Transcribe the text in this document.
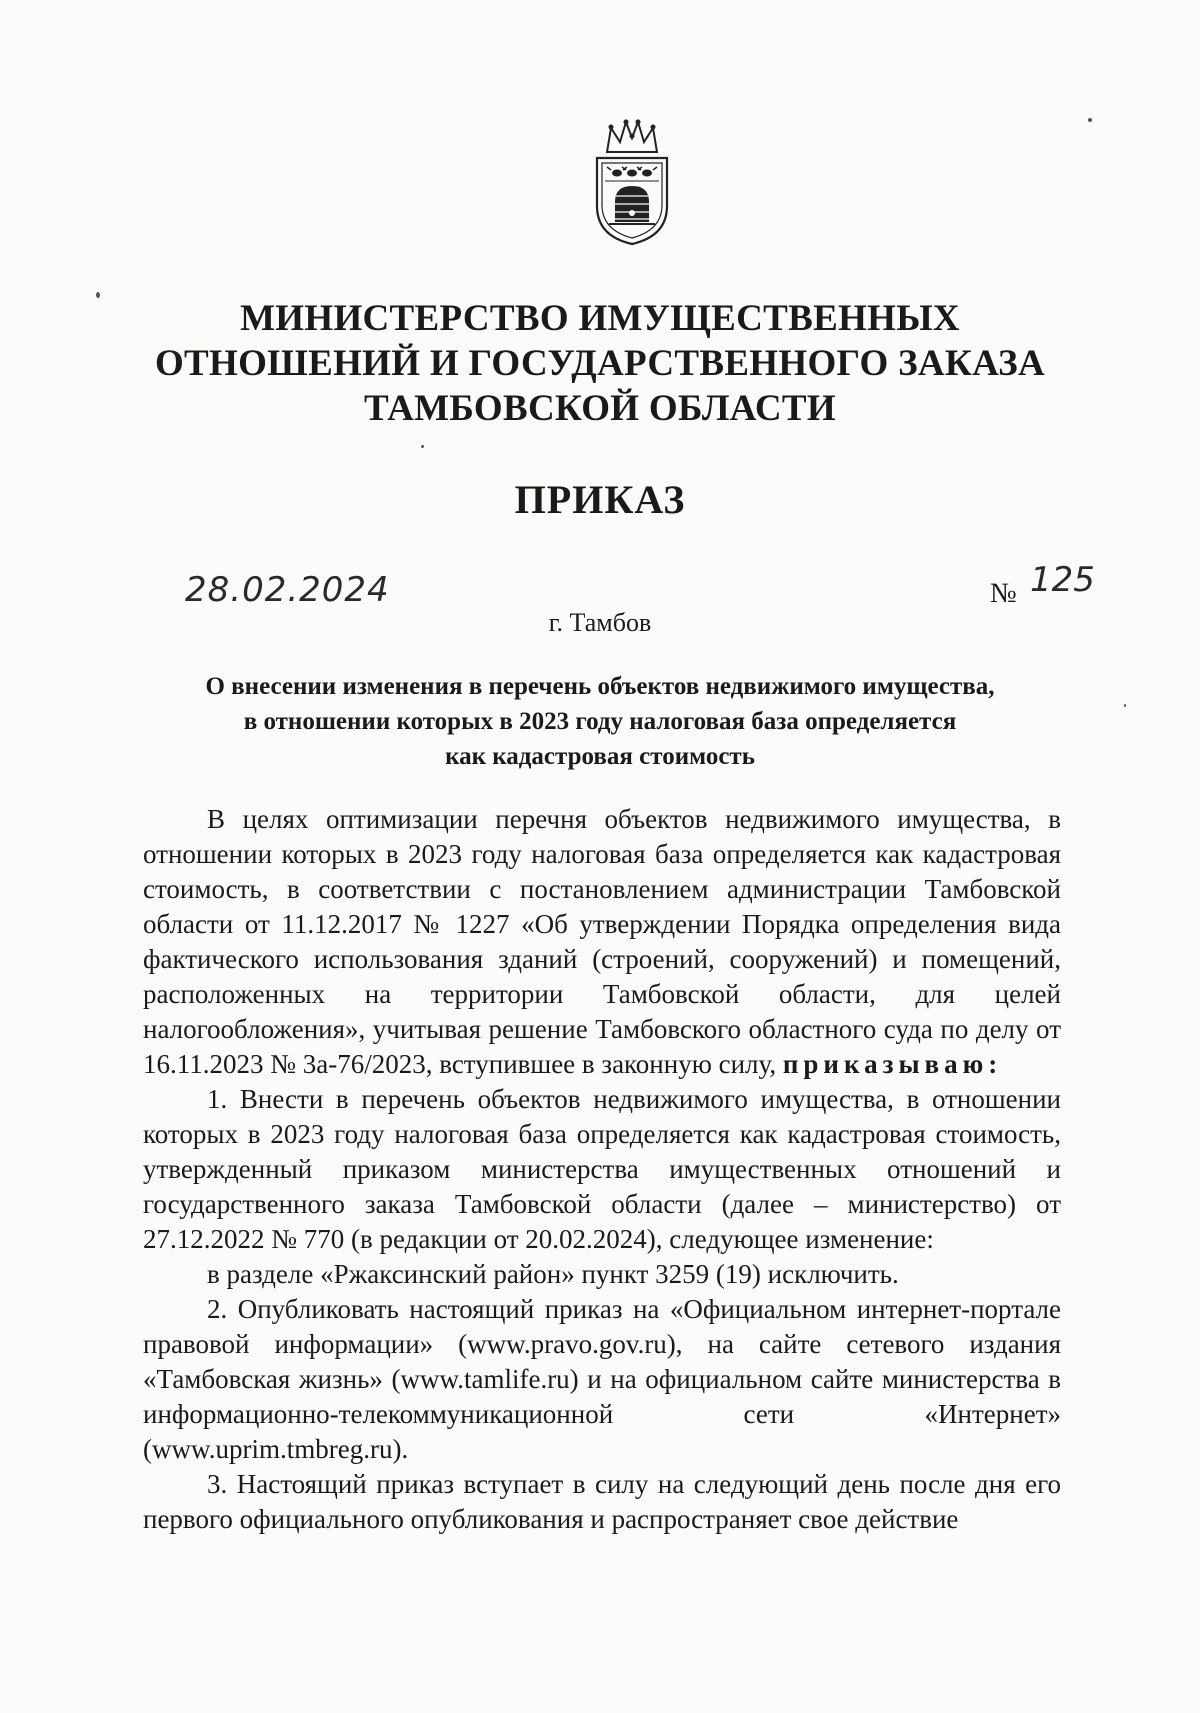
МИНИСТЕРСТВО ИМУЩЕСТВЕННЫХ
ОТНОШЕНИЙ И ГОСУДАРСТВЕННОГО ЗАКАЗА
ТАМБОВСКОЙ ОБЛАСТИ
ПРИКАЗ
28.02.2024	№ 125
г. Тамбов
О внесении изменения в перечень объектов недвижимого имущества,
в отношении которых в 2023 году налоговая база определяется
как кадастровая стоимость

В целях оптимизации перечня объектов недвижимого имущества, в отношении которых в 2023 году налоговая база определяется как кадастровая стоимость, в соответствии с постановлением администрации Тамбовской области от 11.12.2017 № 1227 «Об утверждении Порядка определения вида фактического использования зданий (строений, сооружений) и помещений, расположенных на территории Тамбовской области, для целей налогообложения», учитывая решение Тамбовского областного суда по делу от 16.11.2023 № 3а-76/2023, вступившее в законную силу, приказываю:

1. Внести в перечень объектов недвижимого имущества, в отношении которых в 2023 году налоговая база определяется как кадастровая стоимость, утвержденный приказом министерства имущественных отношений и государственного заказа Тамбовской области (далее – министерство) от 27.12.2022 № 770 (в редакции от 20.02.2024), следующее изменение:

в разделе «Ржаксинский район» пункт 3259 (19) исключить.

2. Опубликовать настоящий приказ на «Официальном интернет-портале правовой информации» (www.pravo.gov.ru), на сайте сетевого издания «Тамбовская жизнь» (www.tamlife.ru) и на официальном сайте министерства в информационно-телекоммуникационной сети «Интернет» (www.uprim.tmbreg.ru).

3. Настоящий приказ вступает в силу на следующий день после дня его первого официального опубликования и распространяет свое действие
